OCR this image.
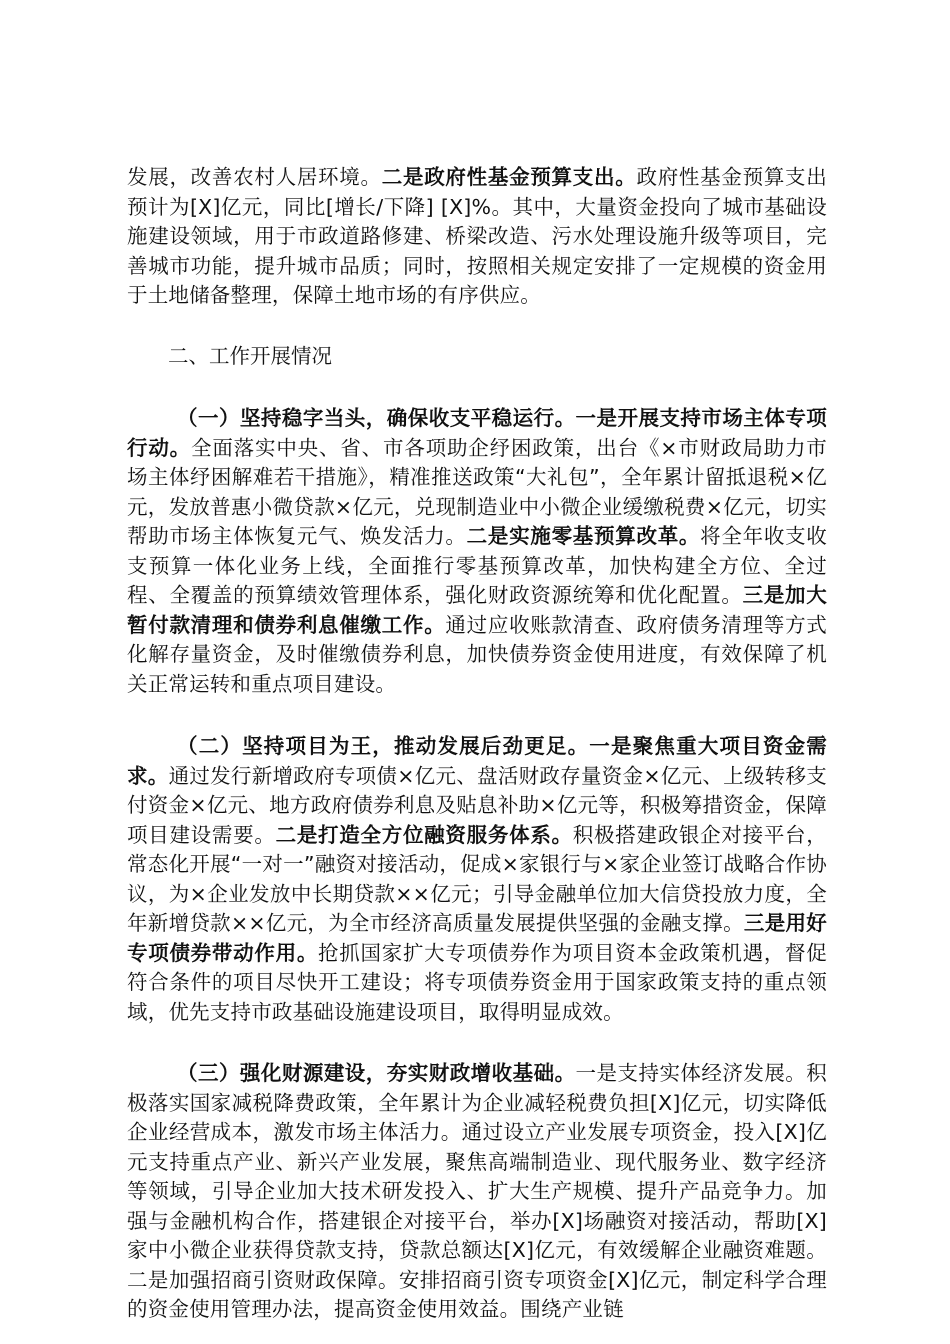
发展，改善农村人居环境。二是政府性基金预算支出。政府性基金预算支出预计为[X]亿元，同比[增长/下降] [X]%。其中，大量资金投向了城市基础设施建设领域，用于市政道路修建、桥梁改造、污水处理设施升级等项目，完善城市功能，提升城市品质；同时，按照相关规定安排了一定规模的资金用于土地储备整理，保障土地市场的有序供应。

二、工作开展情况

（一）坚持稳字当头，确保收支平稳运行。一是开展支持市场主体专项行动。全面落实中央、省、市各项助企纾困政策，出台《×市财政局助力市场主体纾困解难若干措施》，精准推送政策“大礼包”，全年累计留抵退税×亿元，发放普惠小微贷款×亿元，兑现制造业中小微企业缓缴税费×亿元，切实帮助市场主体恢复元气、焕发活力。二是实施零基预算改革。将全年收支收支预算一体化业务上线，全面推行零基预算改革，加快构建全方位、全过程、全覆盖的预算绩效管理体系，强化财政资源统筹和优化配置。三是加大暂付款清理和债券利息催缴工作。通过应收账款清查、政府债务清理等方式化解存量资金，及时催缴债券利息，加快债券资金使用进度，有效保障了机关正常运转和重点项目建设。

（二）坚持项目为王，推动发展后劲更足。一是聚焦重大项目资金需求。通过发行新增政府专项债×亿元、盘活财政存量资金×亿元、上级转移支付资金×亿元、地方政府债券利息及贴息补助×亿元等，积极筹措资金，保障项目建设需要。二是打造全方位融资服务体系。积极搭建政银企对接平台，常态化开展“一对一”融资对接活动，促成×家银行与×家企业签订战略合作协议，为×企业发放中长期贷款××亿元；引导金融单位加大信贷投放力度，全年新增贷款××亿元，为全市经济高质量发展提供坚强的金融支撑。三是用好专项债券带动作用。抢抓国家扩大专项债券作为项目资本金政策机遇，督促符合条件的项目尽快开工建设；将专项债券资金用于国家政策支持的重点领域，优先支持市政基础设施建设项目，取得明显成效。

（三）强化财源建设，夯实财政增收基础。一是支持实体经济发展。积极落实国家减税降费政策，全年累计为企业减轻税费负担[X]亿元，切实降低企业经营成本，激发市场主体活力。通过设立产业发展专项资金，投入[X]亿元支持重点产业、新兴产业发展，聚焦高端制造业、现代服务业、数字经济等领域，引导企业加大技术研发投入、扩大生产规模、提升产品竞争力。加强与金融机构合作，搭建银企对接平台，举办[X]场融资对接活动，帮助[X]家中小微企业获得贷款支持，贷款总额达[X]亿元，有效缓解企业融资难题。二是加强招商引资财政保障。安排招商引资专项资金[X]亿元，制定科学合理的资金使用管理办法，提高资金使用效益。围绕产业链
